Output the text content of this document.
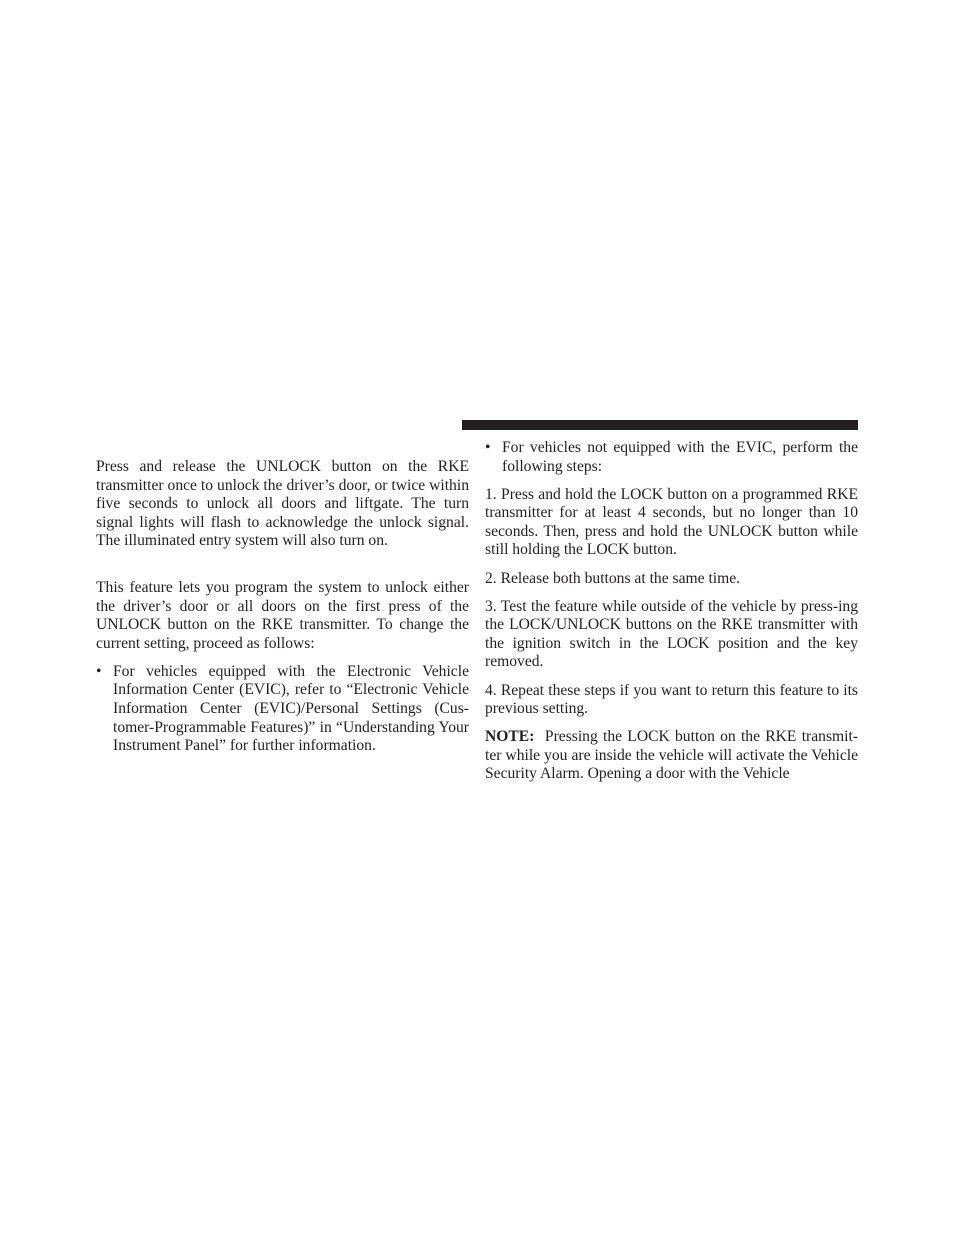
Press and release the UNLOCK button on the RKE transmitter once to unlock the driver’s door, or twice within five seconds to unlock all doors and liftgate. The turn signal lights will flash to acknowledge the unlock signal. The illuminated entry system will also turn on.

This feature lets you program the system to unlock either the driver’s door or all doors on the first press of the UNLOCK button on the RKE transmitter. To change the current setting, proceed as follows:

• For vehicles equipped with the Electronic Vehicle Information Center (EVIC), refer to “Electronic Vehicle Information Center (EVIC)/Personal Settings (Cus-tomer-Programmable Features)” in “Understanding Your Instrument Panel” for further information.

• For vehicles not equipped with the EVIC, perform the following steps:

1. Press and hold the LOCK button on a programmed RKE transmitter for at least 4 seconds, but no longer than 10 seconds. Then, press and hold the UNLOCK button while still holding the LOCK button.

2. Release both buttons at the same time.

3. Test the feature while outside of the vehicle by press-ing the LOCK/UNLOCK buttons on the RKE transmitter with the ignition switch in the LOCK position and the key removed.

4. Repeat these steps if you want to return this feature to its previous setting.

NOTE: Pressing the LOCK button on the RKE transmit-ter while you are inside the vehicle will activate the Vehicle Security Alarm. Opening a door with the Vehicle
